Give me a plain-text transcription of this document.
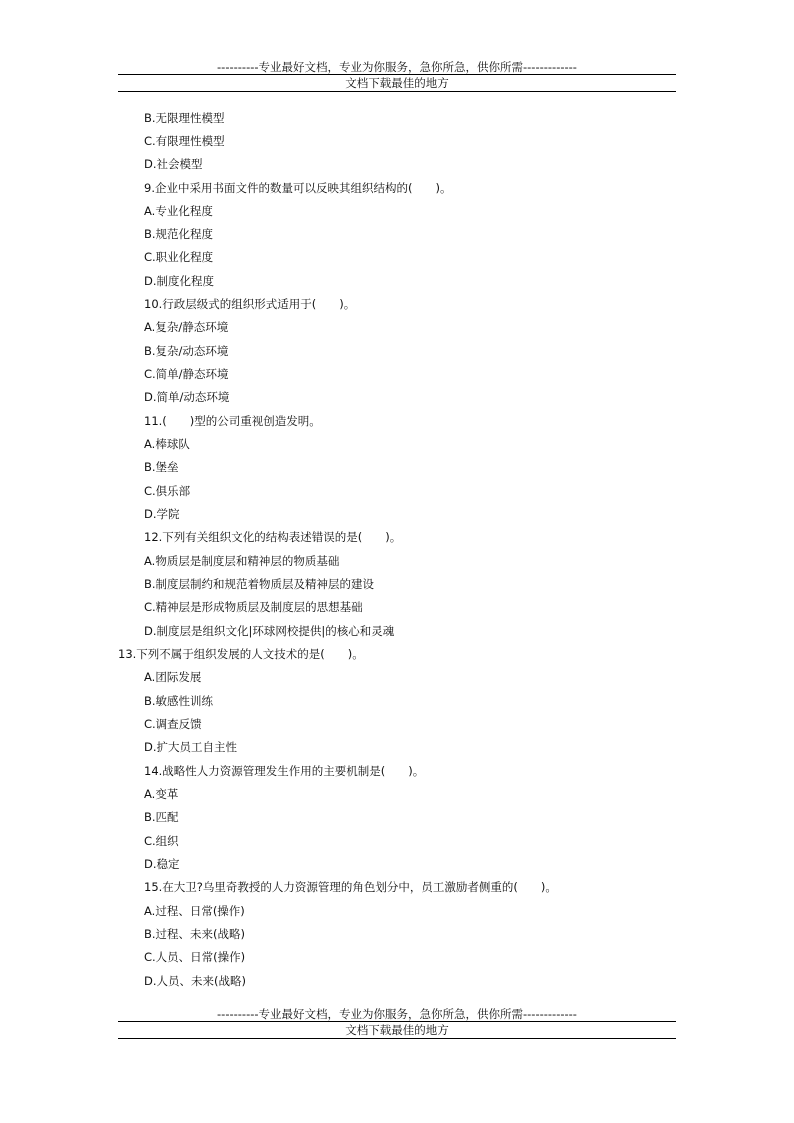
----------专业最好文档，专业为你服务，急你所急，供你所需-------------
文档下载最佳的地方
B.无限理性模型
C.有限理性模型
D.社会模型
9.企业中采用书面文件的数量可以反映其组织结构的(　　)。
A.专业化程度
B.规范化程度
C.职业化程度
D.制度化程度
10.行政层级式的组织形式适用于(　　)。
A.复杂/静态环境
B.复杂/动态环境
C.简单/静态环境
D.简单/动态环境
11.(　　)型的公司重视创造发明。
A.棒球队
B.堡垒
C.俱乐部
D.学院
12.下列有关组织文化的结构表述错误的是(　　)。
A.物质层是制度层和精神层的物质基础
B.制度层制约和规范着物质层及精神层的建设
C.精神层是形成物质层及制度层的思想基础
D.制度层是组织文化|环球网校提供|的核心和灵魂
13.下列不属于组织发展的人文技术的是(　　)。
A.团际发展
B.敏感性训练
C.调查反馈
D.扩大员工自主性
14.战略性人力资源管理发生作用的主要机制是(　　)。
A.变革
B.匹配
C.组织
D.稳定
15.在大卫?乌里奇教授的人力资源管理的角色划分中，员工激励者侧重的(　　)。
A.过程、日常(操作)
B.过程、未来(战略)
C.人员、日常(操作)
D.人员、未来(战略)
----------专业最好文档，专业为你服务，急你所急，供你所需-------------
文档下载最佳的地方
